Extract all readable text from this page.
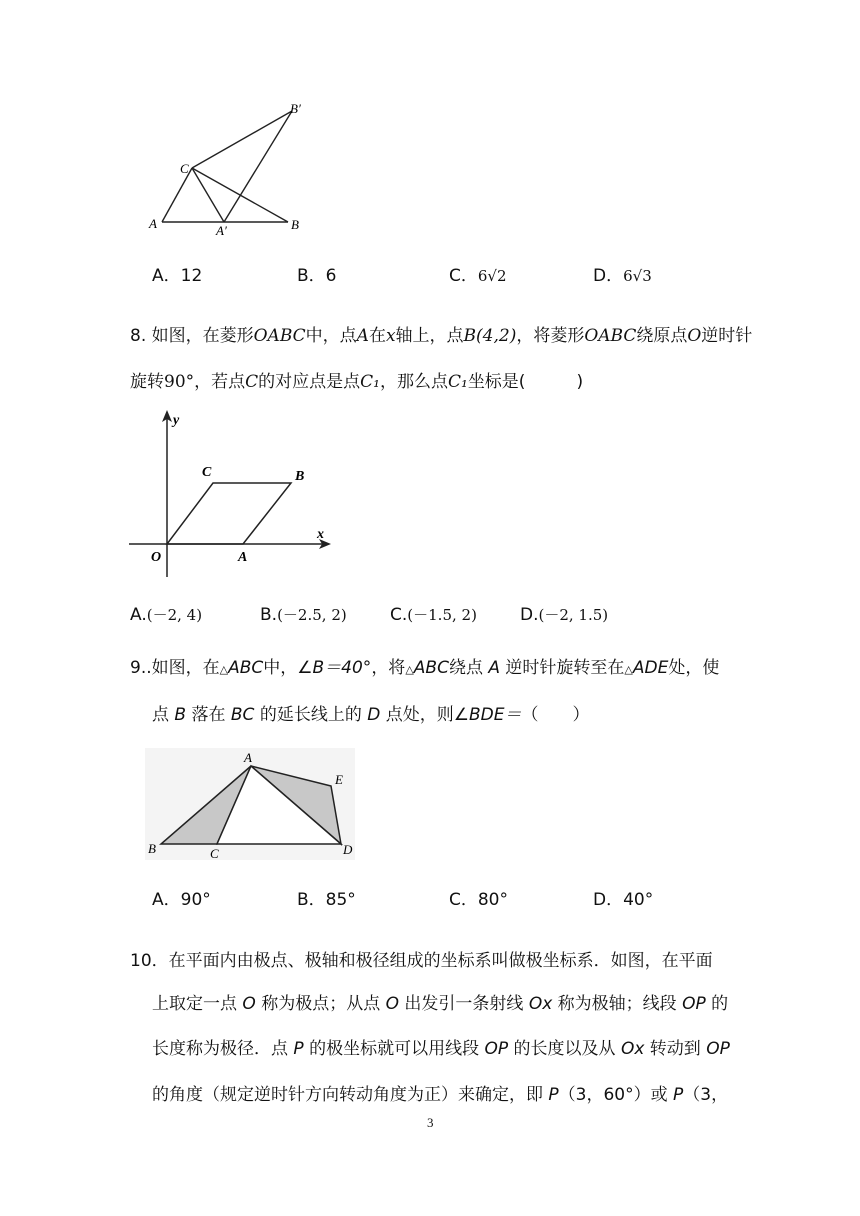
B′
C
A	A′	B
A．12	B．6	C．6√2	D．6√3
8. 如图，在菱形OABC中，点A在x轴上，点B(4,2)，将菱形OABC绕原点O逆时针
旋转90°，若点C的对应点是点C₁，那么点C₁坐标是(　　　)
y
x
C	B
O	A
A.(－2, 4)	B.(－2.5, 2)	C.(－1.5, 2)	D.(－2, 1.5)
9..如图，在△ABC中，∠B＝40°，将△ABC绕点 A 逆时针旋转至在△ADE处，使
点 B 落在 BC 的延长线上的 D 点处，则∠BDE＝（　　）
A
E
B	C	D
A．90°	B．85°	C．80°	D．40°
10．在平面内由极点、极轴和极径组成的坐标系叫做极坐标系．如图，在平面
上取定一点 O 称为极点；从点 O 出发引一条射线 Ox 称为极轴；线段 OP 的
长度称为极径．点 P 的极坐标就可以用线段 OP 的长度以及从 Ox 转动到 OP
的角度（规定逆时针方向转动角度为正）来确定，即 P（3，60°）或 P（3，
3
